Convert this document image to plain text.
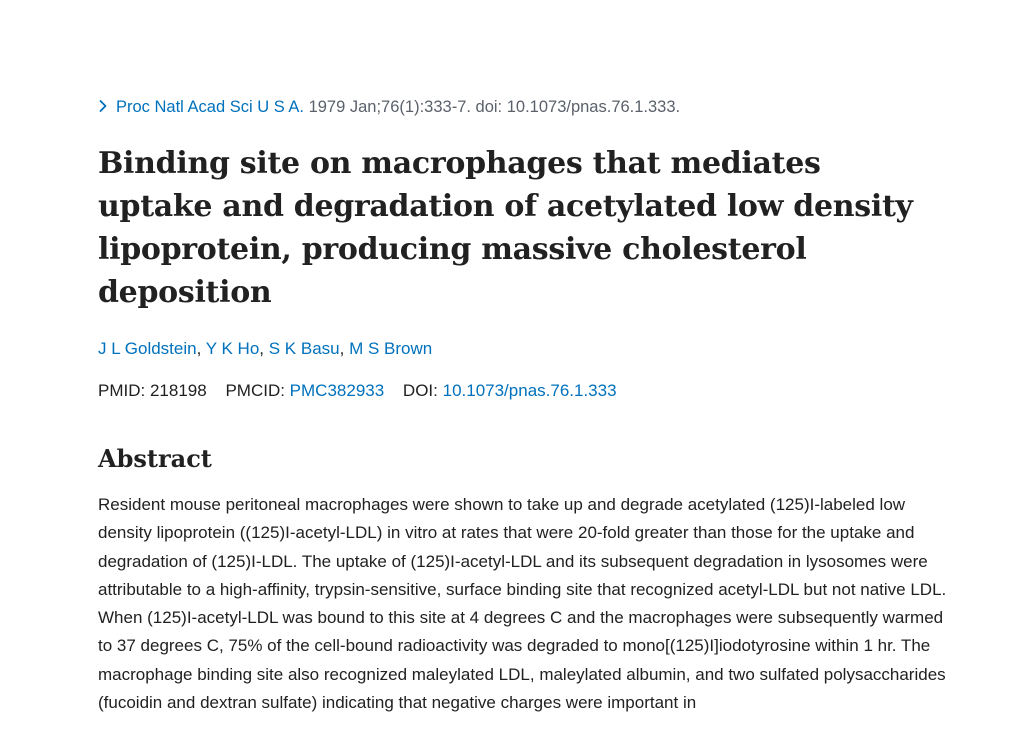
Proc Natl Acad Sci U S A. 1979 Jan;76(1):333-7. doi: 10.1073/pnas.76.1.333.
Binding site on macrophages that mediates uptake and degradation of acetylated low density lipoprotein, producing massive cholesterol deposition
J L Goldstein, Y K Ho, S K Basu, M S Brown
PMID: 218198 PMCID: PMC382933 DOI: 10.1073/pnas.76.1.333
Abstract

Resident mouse peritoneal macrophages were shown to take up and degrade acetylated (125)I-labeled low density lipoprotein ((125)I-acetyl-LDL) in vitro at rates that were 20-fold greater than those for the uptake and degradation of (125)I-LDL. The uptake of (125)I-acetyl-LDL and its subsequent degradation in lysosomes were attributable to a high-affinity, trypsin-sensitive, surface binding site that recognized acetyl-LDL but not native LDL. When (125)I-acetyl-LDL was bound to this site at 4 degrees C and the macrophages were subsequently warmed to 37 degrees C, 75% of the cell-bound radioactivity was degraded to mono[(125)I]iodotyrosine within 1 hr. The macrophage binding site also recognized maleylated LDL, maleylated albumin, and two sulfated polysaccharides (fucoidin and dextran sulfate) indicating that negative charges were important in
